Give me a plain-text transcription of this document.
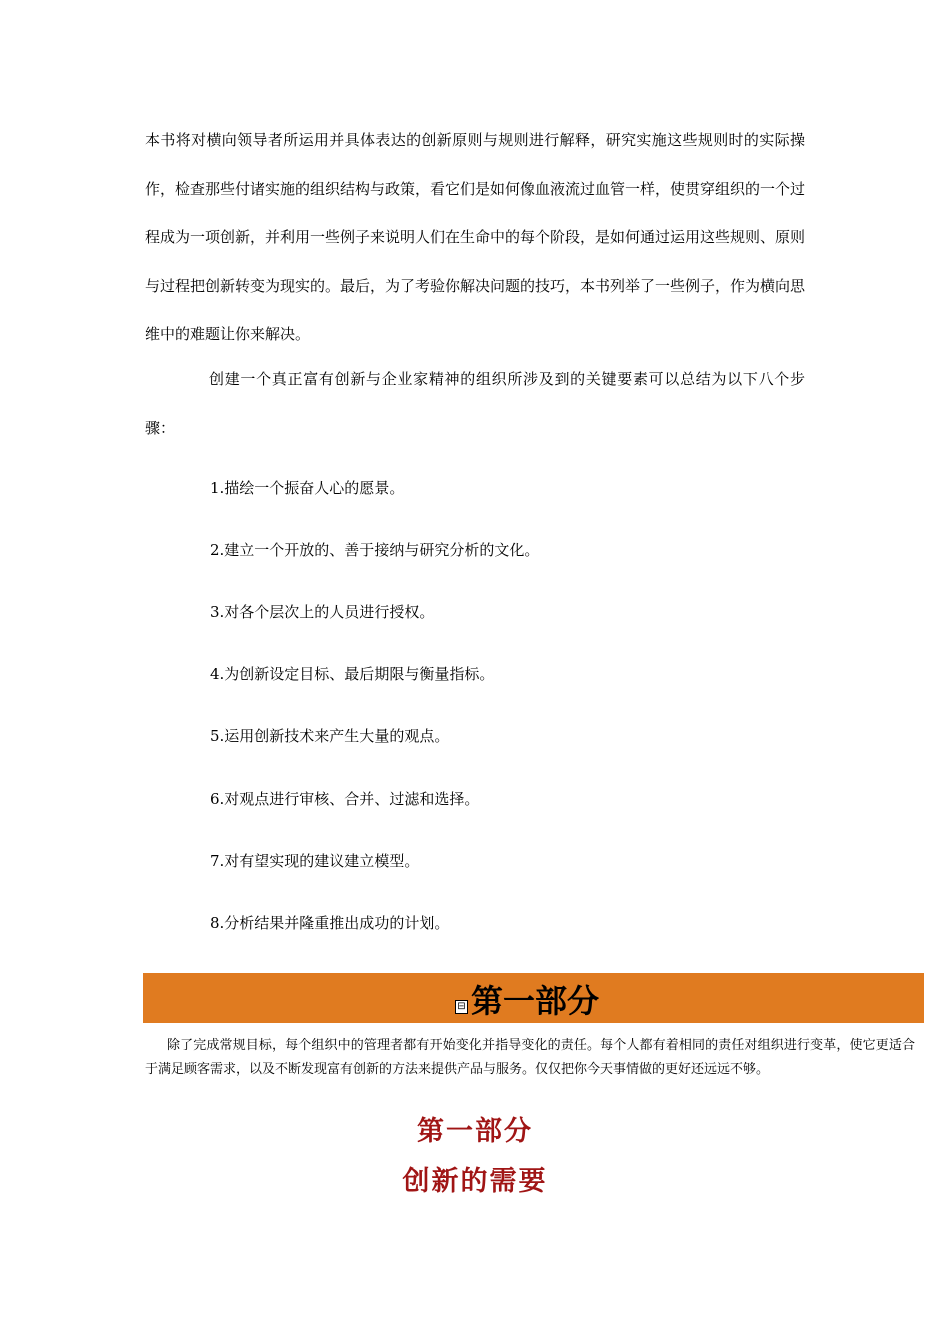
本书将对横向领导者所运用并具体表达的创新原则与规则进行解释，研究实施这些规则时的实际操作，检查那些付诸实施的组织结构与政策，看它们是如何像血液流过血管一样，使贯穿组织的一个过程成为一项创新，并利用一些例子来说明人们在生命中的每个阶段，是如何通过运用这些规则、原则与过程把创新转变为现实的。最后，为了考验你解决问题的技巧，本书列举了一些例子，作为横向思维中的难题让你来解决。

创建一个真正富有创新与企业家精神的组织所涉及到的关键要素可以总结为以下八个步骤：

1.描绘一个振奋人心的愿景。

2.建立一个开放的、善于接纳与研究分析的文化。

3.对各个层次上的人员进行授权。

4.为创新设定目标、最后期限与衡量指标。

5.运用创新技术来产生大量的观点。

6.对观点进行审核、合并、过滤和选择。

7.对有望实现的建议建立模型。

8.分析结果并隆重推出成功的计划。

⊟ 第一部分

除了完成常规目标，每个组织中的管理者都有开始变化并指导变化的责任。每个人都有着相同的责任对组织进行变革，使它更适合于满足顾客需求，以及不断发现富有创新的方法来提供产品与服务。仅仅把你今天事情做的更好还远远不够。

第一部分
创新的需要
